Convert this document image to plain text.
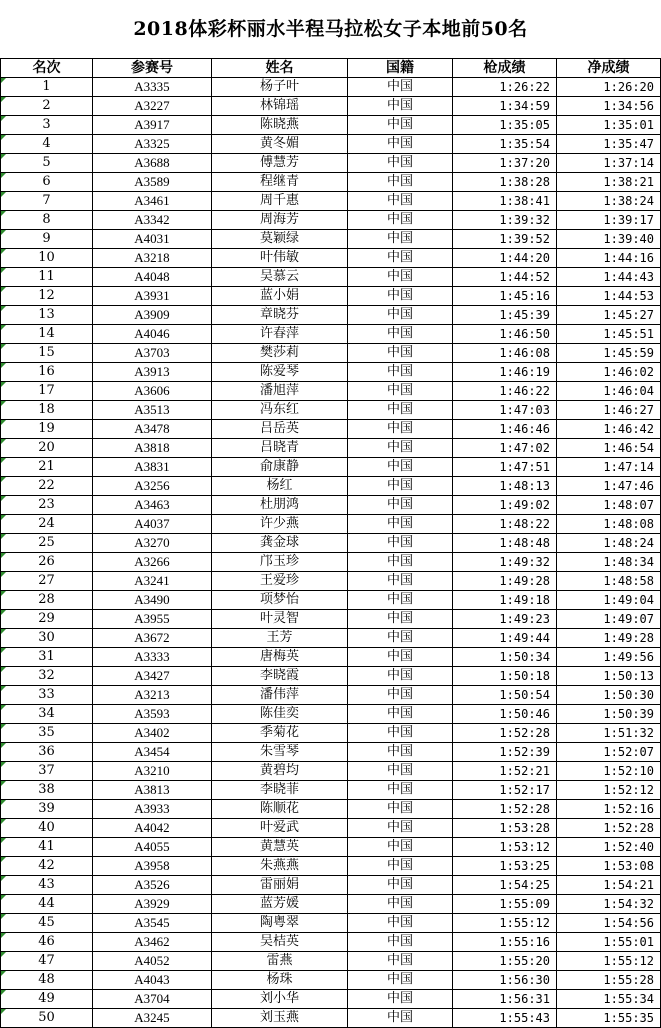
2018体彩杯丽水半程马拉松女子本地前50名
名次	参赛号	姓名	国籍	枪成绩	净成绩
1	A3335	杨子叶	中国	1:26:22	1:26:20
2	A3227	林锦瑶	中国	1:34:59	1:34:56
3	A3917	陈晓燕	中国	1:35:05	1:35:01
4	A3325	黄冬媚	中国	1:35:54	1:35:47
5	A3688	傅慧芳	中国	1:37:20	1:37:14
6	A3589	程继青	中国	1:38:28	1:38:21
7	A3461	周千惠	中国	1:38:41	1:38:24
8	A3342	周海芳	中国	1:39:32	1:39:17
9	A4031	莫颖绿	中国	1:39:52	1:39:40
10	A3218	叶伟敏	中国	1:44:20	1:44:16
11	A4048	吴慕云	中国	1:44:52	1:44:43
12	A3931	蓝小娟	中国	1:45:16	1:44:53
13	A3909	章晓芬	中国	1:45:39	1:45:27
14	A4046	许春萍	中国	1:46:50	1:45:51
15	A3703	樊莎莉	中国	1:46:08	1:45:59
16	A3913	陈爱琴	中国	1:46:19	1:46:02
17	A3606	潘旭萍	中国	1:46:22	1:46:04
18	A3513	冯东红	中国	1:47:03	1:46:27
19	A3478	吕岳英	中国	1:46:46	1:46:42
20	A3818	吕晓青	中国	1:47:02	1:46:54
21	A3831	俞康静	中国	1:47:51	1:47:14
22	A3256	杨红	中国	1:48:13	1:47:46
23	A3463	杜朋鸿	中国	1:49:02	1:48:07
24	A4037	许少燕	中国	1:48:22	1:48:08
25	A3270	龚金球	中国	1:48:48	1:48:24
26	A3266	邝玉珍	中国	1:49:32	1:48:34
27	A3241	王爱珍	中国	1:49:28	1:48:58
28	A3490	项梦怡	中国	1:49:18	1:49:04
29	A3955	叶灵智	中国	1:49:23	1:49:07
30	A3672	王芳	中国	1:49:44	1:49:28
31	A3333	唐梅英	中国	1:50:34	1:49:56
32	A3427	李晓霞	中国	1:50:18	1:50:13
33	A3213	潘伟萍	中国	1:50:54	1:50:30
34	A3593	陈佳奕	中国	1:50:46	1:50:39
35	A3402	季菊花	中国	1:52:28	1:51:32
36	A3454	朱雪琴	中国	1:52:39	1:52:07
37	A3210	黄碧均	中国	1:52:21	1:52:10
38	A3813	李晓菲	中国	1:52:17	1:52:12
39	A3933	陈顺花	中国	1:52:28	1:52:16
40	A4042	叶爱武	中国	1:53:28	1:52:28
41	A4055	黄慧英	中国	1:53:12	1:52:40
42	A3958	朱燕燕	中国	1:53:25	1:53:08
43	A3526	雷丽娟	中国	1:54:25	1:54:21
44	A3929	蓝芳媛	中国	1:55:09	1:54:32
45	A3545	陶粤翠	中国	1:55:12	1:54:56
46	A3462	吴桔英	中国	1:55:16	1:55:01
47	A4052	雷燕	中国	1:55:20	1:55:12
48	A4043	杨珠	中国	1:56:30	1:55:28
49	A3704	刘小华	中国	1:56:31	1:55:34
50	A3245	刘玉燕	中国	1:55:43	1:55:35
